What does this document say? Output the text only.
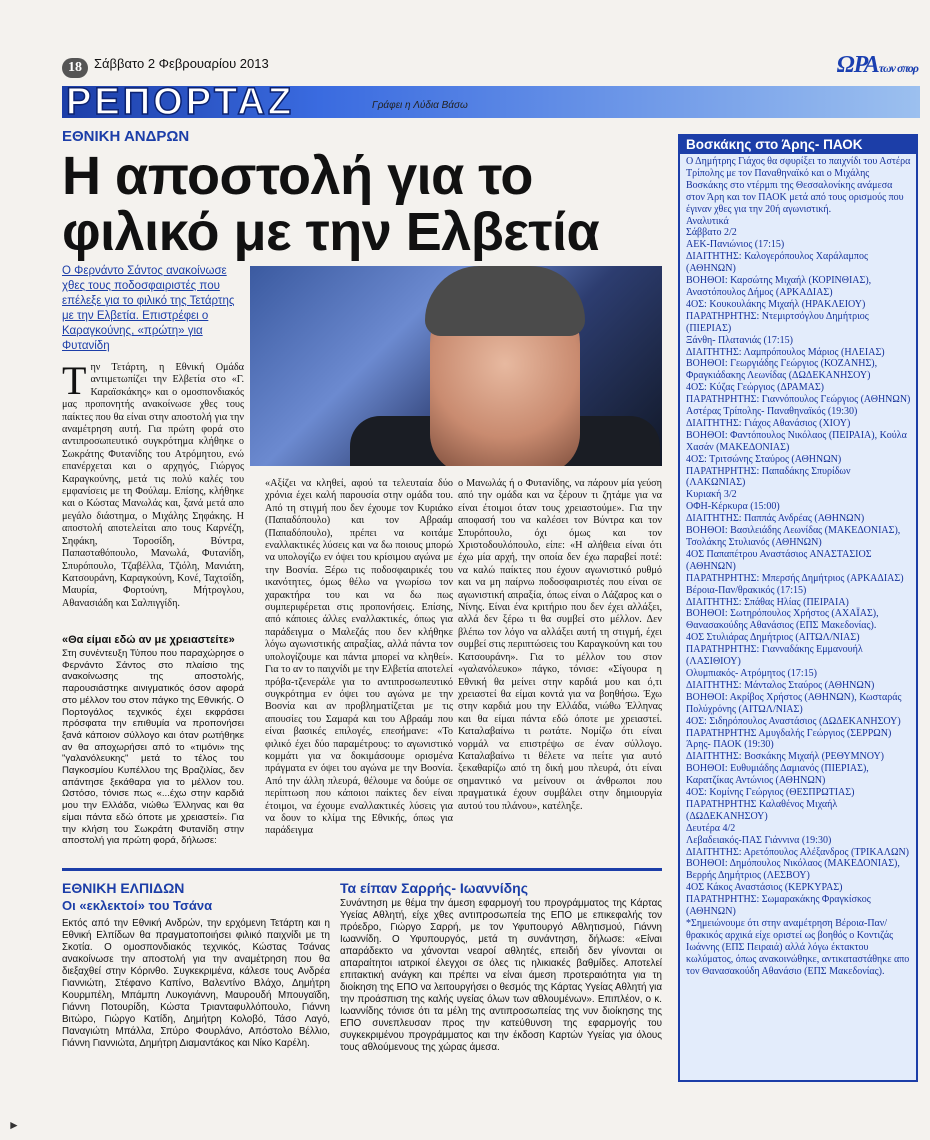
18 Σάββατο 2 Φεβρουαρίου 2013	ΩΡΑτων σπορ
ΡΕΠΟΡΤΑΖ	Γράφει η Λύδια Βάσω
ΕΘΝΙΚΗ ΑΝΔΡΩΝ
Η αποστολή για το φιλικό με την Ελβετία
Ο Φερνάντο Σάντος ανακοίνωσε χθες τους ποδοσφαιριστές που επέλεξε για το φιλικό της Τετάρτης με την Ελβετία. Επιστρέφει ο Καραγκούνης, «πρώτη» για Φυτανίδη
Την Τετάρτη, η Εθνική Ομάδα αντιμετωπίζει την Ελβετία στο «Γ. Καραϊσκάκης» και ο ομοσπονδιακός μας προπονητής ανακοίνωσε χθες τους παίκτες που θα είναι στην αποστολή για την αναμέτρηση αυτή. Για πρώτη φορά στο αντιπροσωπευτικό συγκρότημα κλήθηκε ο Σωκράτης Φυτανίδης του Ατρόμητου, ενώ επανέρχεται και ο αρχηγός, Γιώργος Καραγκούνης, μετά τις πολύ καλές του εμφανίσεις με τη Φούλαμ. Επίσης, κλήθηκε και ο Κώστας Μανωλάς και, ξανά μετά απο μεγάλο διάστημα, ο Μιχάλης Σηφάκης. Η αποστολή αποτελείται απο τους Καρνέζη, Σηφάκη, Τοροσίδη, Βύντρα, Παπασταθόπουλο, Μανωλά, Φυτανίδη, Σπυρόπουλο, Τζαβέλλα, Τζιόλη, Μανιάτη, Κατσουράνη, Καραγκούνη, Κονέ, Ταχτσίδη, Μαυρία, Φορτούνη, Μήτρογλου, Αθανασιάδη και Σαλπιγγίδη.
«Θα είμαι εδώ αν με χρειαστείτε»
Στη συνέντευξη Τύπου που παραχώρησε ο Φερνάντο Σάντος στο πλαίσιο της ανακοίνωσης της αποστολής, παρουσιάστηκε αινιγματικός όσον αφορά στο μέλλον του στον πάγκο της Εθνικής. Ο Πορτογάλος τεχνικός έχει εκφράσει πρόσφατα την επιθυμία να προπονήσει ξανά κάποιον σύλλογο και όταν ρωτήθηκε αν θα αποχωρήσει από το «τιμόνι» της "γαλανόλευκης" μετά το τέλος του Παγκοσμίου Κυπέλλου της Βραζιλίας, δεν απάντησε ξεκάθαρα για το μέλλον του. Ωστόσο, τόνισε πως «...έχω στην καρδιά μου την Ελλάδα, νιώθω Έλληνας και θα είμαι πάντα εδώ όποτε με χρειαστεί». Για την κλήση του Σωκράτη Φυτανίδη στην αποστολή για πρώτη φορά, δήλωσε:
«Αξίζει να κληθεί, αφού τα τελευταία δύο χρόνια έχει καλή παρουσία στην ομάδα του. Από τη στιγμή που δεν έχουμε τον Κυριάκο (Παπαδόπουλο) και τον Αβραάμ (Παπαδόπουλο), πρέπει να κοιτάμε εναλλακτικές λύσεις και να δω ποιους μπορώ να υπολογίζω εν όψει του κρίσιμου αγώνα με την Βοσνία. Ξέρω τις ποδοσφαιρικές του ικανότητες, όμως θέλω να γνωρίσω τον χαρακτήρα του και να δω πως συμπεριφέρεται στις προπονήσεις. Επίσης, από κάποιες άλλες εναλλακτικές, όπως για παράδειγμα ο Μαλεζάς που δεν κλήθηκε λόγω αγωνιστικής απραξίας, αλλά πάντα τον υπολογίζουμε και πάντα μπορεί να κληθεί». Για το αν το παιχνίδι με την Ελβετία αποτελεί πρόβα-τζενεράλε για το αντιπροσωπευτικό συγκρότημα εν όψει του αγώνα με την Βοσνία και αν προβληματίζεται με τις απουσίες του Σαμαρά και του Αβραάμ που είναι βασικές επιλογές, επεσήμανε: «Το φιλικό έχει δύο παραμέτρους: το αγωνιστικό κομμάτι για να δοκιμάσουμε ορισμένα πράγματα εν όψει του αγώνα με την Βοσνία. Από την άλλη πλευρά, θέλουμε να δούμε σε περίπτωση που κάποιοι παίκτες δεν είναι έτοιμοι, να έχουμε εναλλακτικές λύσεις για να δουν το κλίμα της Εθνικής, όπως για παράδειγμα
ο Μανωλάς ή ο Φυτανίδης, να πάρουν μία γεύση από την ομάδα και να ξέρουν τι ζητάμε για να είναι έτοιμοι όταν τους χρειαστούμε». Για την αποφασή του να καλέσει τον Βύντρα και τον Σπυρόπουλο, όχι όμως και τον Χριστοδουλόπουλο, είπε: «Η αλήθεια είναι ότι έχω μία αρχή, την οποία δεν έχω παραβεί ποτέ: να καλώ παίκτες που έχουν αγωνιστικό ρυθμό και να μη παίρνω ποδοσφαιριστές που είναι σε αγωνιστική απραξία, όπως είναι ο Λάζαρος και ο Νίνης. Είναι ένα κριτήριο που δεν έχει αλλάξει, αλλά δεν ξέρω τι θα συμβεί στο μέλλον. Δεν βλέπω τον λόγο να αλλάξει αυτή τη στιγμή, έχει συμβεί στις περιπτώσεις του Καραγκούνη και του Κατσουράνη». Για το μέλλον του στον «γαλανόλευκο» πάγκο, τόνισε: «Σίγουρα η Εθνική θα μείνει στην καρδιά μου και ό,τι χρειαστεί θα είμαι κοντά για να βοηθήσω. Έχω στην καρδιά μου την Ελλάδα, νιώθω Έλληνας και θα είμαι πάντα εδώ όποτε με χρειαστεί. Καταλαβαίνω τι ρωτάτε. Νομίζω ότι είναι νορμάλ να επιστρέψω σε έναν σύλλογο. Καταλαβαίνω τι θέλετε να πείτε για αυτό ξεκαθαρίζω από τη δική μου πλευρά, ότι είναι σημαντικό να μείνουν οι άνθρωποι που πραγματικά έχουν συμβάλει στην δημιουργία αυτού του πλάνου», κατέληξε.
ΕΘΝΙΚΗ ΕΛΠΙΔΩΝ
Οι «εκλεκτοί» του Τσάνα
Εκτός από την Εθνική Ανδρών, την ερχόμενη Τετάρτη και η Εθνική Ελπίδων θα πραγματοποιήσει φιλικό παιχνίδι με τη Σκοτία. Ο ομοσπονδιακός τεχνικός, Κώστας Τσάνας ανακοίνωσε την αποστολή για την αναμέτρηση που θα διεξαχθεί στην Κόρινθο. Συγκεκριμένα, κάλεσε τους Ανδρέα Γιαννιώτη, Στέφανο Καπίνο, Βαλεντίνο Βλάχο, Δημήτρη Κουρμπέλη, Μπάμπη Λυκογιάννη, Μαυρουδή Μπουγαϊδη, Γιάννη Ποτουρίδη, Κώστα Τριανταφυλλόπουλο, Γιάννη Βιτώρο, Γιώργο Κατίδη, Δημήτρη Κολοβό, Τάσο Λαγό, Παναγιώτη Μπάλλα, Σπύρο Φουρλάνο, Απόστολο Βέλλιο, Γιάννη Γιαννιώτα, Δημήτρη Διαμαντάκος και Νίκο Καρέλη.
Τα είπαν Σαρρής- Ιωαννίδης
Συνάντηση με θέμα την άμεση εφαρμογή του προγράμματος της Κάρτας Υγείας Αθλητή, είχε χθες αντιπροσωπεία της ΕΠΟ με επικεφαλής τον πρόεδρο, Γιώργο Σαρρή, με τον Υφυπουργό Αθλητισμού, Γιάννη Ιωαννίδη. Ο Υφυπουργός, μετά τη συνάντηση, δήλωσε: «Είναι απαράδεκτο να χάνονται νεαροί αθλητές, επειδή δεν γίνονται οι απαραίτητοι ιατρικοί έλεγχοι σε όλες τις ηλικιακές βαθμίδες. Αποτελεί επιτακτική ανάγκη και πρέπει να είναι άμεση προτεραιότητα για τη διοίκηση της ΕΠΟ να λειτουργήσει ο θεσμός της Κάρτας Υγείας Αθλητή για την προάσπιση της καλής υγείας όλων των αθλουμένων». Επιπλέον, ο κ. Ιωαννίδης τόνισε ότι τα μέλη της αντιπροσωπείας της νυν διοίκησης της ΕΠΟ συνεπλευσαν προς την κατεύθυνση της εφαρμογής του συγκεκριμένου προγράμματος και την έκδοση Καρτών Υγείας για όλους τους αθλούμενους της χώρας άμεσα.
Βοσκάκης στο Άρης- ΠΑΟΚ
Ο Δημήτρης Γιάχος θα σφυρίξει το παιχνίδι του Αστέρα Τρίπολης με τον Παναθηναϊκό και ο Μιχάλης Βοσκάκης στο ντέρμπι της Θεσσαλονίκης ανάμεσα στον Άρη και τον ΠΑΟΚ μετά από τους ορισμούς που έγιναν χθες για την 20ή αγωνιστική.
Αναλυτικά
Σάββατο 2/2
ΑΕΚ-Πανιώνιος (17:15)
ΔΙΑΙΤΗΤΗΣ: Καλογερόπουλος Χαράλαμπος (ΑΘΗΝΩΝ)
ΒΟΗΘΟΙ: Καρσώτης Μιχαήλ (ΚΟΡΙΝΘΙΑΣ), Αναστόπουλος Δήμος (ΑΡΚΑΔΙΑΣ)
4ΟΣ: Κουκουλάκης Μιχαήλ (ΗΡΑΚΛΕΙΟΥ)
ΠΑΡΑΤΗΡΗΤΗΣ: Ντεμιρτσόγλου Δημήτριος (ΠΙΕΡΙΑΣ)
Ξάνθη- Πλατανιάς (17:15)
ΔΙΑΙΤΗΤΗΣ: Λαμπρόπουλος Μάριος (ΗΛΕΙΑΣ)
ΒΟΗΘΟΙ: Γεωργιάδης Γεώργιος (ΚΟΖΑΝΗΣ), Φραγκιάδακης Λεωνίδας (ΔΩΔΕΚΑΝΗΣΟΥ)
4ΟΣ: Κύζας Γεώργιος (ΔΡΑΜΑΣ)
ΠΑΡΑΤΗΡΗΤΗΣ: Γιαννόπουλος Γεώργιος (ΑΘΗΝΩΝ)
Αστέρας Τρίπολης- Παναθηναϊκός (19:30)
ΔΙΑΙΤΗΤΗΣ: Γιάχος Αθανάσιος (ΧΙΟΥ)
ΒΟΗΘΟΙ: Φαντόπουλος Νικόλαος (ΠΕΙΡΑΙΑ), Κούλα Χασάν (ΜΑΚΕΔΟΝΙΑΣ)
4ΟΣ: Τριτσώνης Σταύρος (ΑΘΗΝΩΝ)
ΠΑΡΑΤΗΡΗΤΗΣ: Παπαδάκης Σπυρίδων (ΛΑΚΩΝΙΑΣ)
Κυριακή 3/2
ΟΦΗ-Κέρκυρα (15:00)
ΔΙΑΙΤΗΤΗΣ: Παππάς Ανδρέας (ΑΘΗΝΩΝ)
ΒΟΗΘΟΙ: Βασιλειάδης Λεωνίδας (ΜΑΚΕΔΟΝΙΑΣ), Τσολάκης Στυλιανός (ΑΘΗΝΩΝ)
4ΟΣ Παπαπέτρου Αναστάσιος ΑΝΑΣΤΑΣΙΟΣ (ΑΘΗΝΩΝ)
ΠΑΡΑΤΗΡΗΤΗΣ: Μπερσής Δημήτριος (ΑΡΚΑΔΙΑΣ)
Βέροια-Παν/θρακικός (17:15)
ΔΙΑΙΤΗΤΗΣ: Σπάθας Ηλίας (ΠΕΙΡΑΙΑ)
ΒΟΗΘΟΙ: Σωτηρόπουλος Χρήστος (ΑΧΑΪΑΣ), Θανασακούδης Αθανάσιος (ΕΠΣ Μακεδονίας).
4ΟΣ Στυλιάρας Δημήτριος (ΑΙΤΩΛ/ΝΙΑΣ)
ΠΑΡΑΤΗΡΗΤΗΣ: Γιανναδάκης Εμμανουήλ (ΛΑΣΙΘΙΟΥ)
Ολυμπιακός- Ατρόμητος (17:15)
ΔΙΑΙΤΗΤΗΣ: Μάνταλος Σταύρος (ΑΘΗΝΩΝ)
ΒΟΗΘΟΙ: Ακρίβος Χρήστος (ΑΘΗΝΩΝ), Κωσταράς Πολύχρόνης (ΑΙΤΩΛ/ΝΙΑΣ)
4ΟΣ: Σιδηρόπουλος Αναστάσιος (ΔΩΔΕΚΑΝΗΣΟΥ)
ΠΑΡΑΤΗΡΗΤΗΣ Αμυγδαλής Γεώργιος (ΣΕΡΡΩΝ)
Άρης- ΠΑΟΚ (19:30)
ΔΙΑΙΤΗΤΗΣ: Βοσκάκης Μιχαήλ (ΡΕΘΥΜΝΟΥ)
ΒΟΗΘΟΙ: Ευθυμιάδης Δαμιανός (ΠΙΕΡΙΑΣ), Καρατζίκας Αντώνιος (ΑΘΗΝΩΝ)
4ΟΣ: Κομίνης Γεώργιος (ΘΕΣΠΡΩΤΙΑΣ)
ΠΑΡΑΤΗΡΗΤΗΣ Καλαθένος Μιχαήλ (ΔΩΔΕΚΑΝΗΣΟΥ)
Δευτέρα 4/2
Λεβαδειακός-ΠΑΣ Γιάννινα (19:30)
ΔΙΑΙΤΗΤΗΣ: Αρετόπουλος Αλέξανδρος (ΤΡΙΚΑΛΩΝ)
ΒΟΗΘΟΙ: Δημόπουλος Νικόλαος (ΜΑΚΕΔΟΝΙΑΣ), Βερρής Δημήτριος (ΛΕΣΒΟΥ)
4ΟΣ Κάκος Αναστάσιος (ΚΕΡΚΥΡΑΣ)
ΠΑΡΑΤΗΡΗΤΗΣ: Σωμαρακάκης Φραγκίσκος (ΑΘΗΝΩΝ)
*Σημειώνουμε ότι στην αναμέτρηση Βέροια-Παν/θρακικός αρχικά είχε οριστεί ως βοηθός ο Κοντιζάς Ιωάννης (ΕΠΣ Πειραιά) αλλά λόγω έκτακτου κωλύματος, όπως ανακοινώθηκε, αντικαταστάθηκε απο τον Θανασακούδη Αθανάσιο (ΕΠΣ Μακεδονίας).
►
